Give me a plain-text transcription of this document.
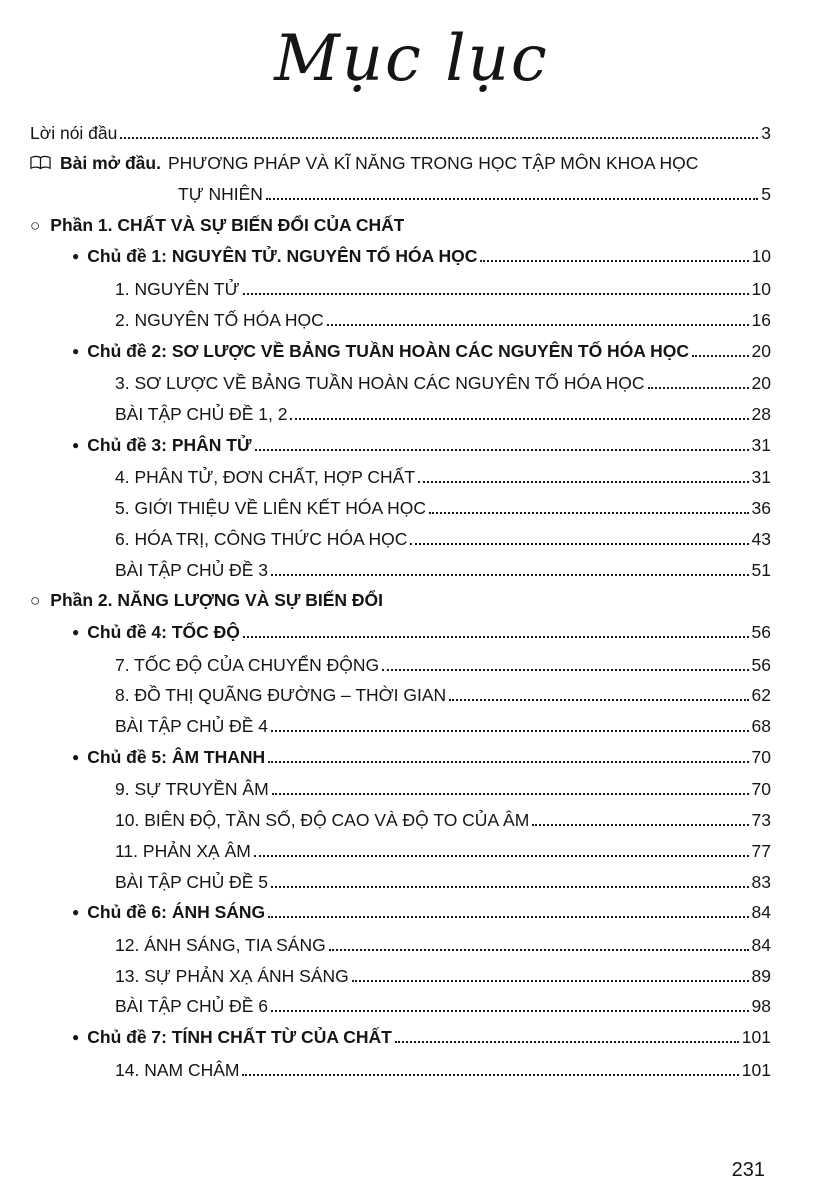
Mục lục
Lời nói đầu	3
Bài mở đầu. PHƯƠNG PHÁP VÀ KĨ NĂNG TRONG HỌC TẬP MÔN KHOA HỌC
TỰ NHIÊN	5
○ Phần 1. CHẤT VÀ SỰ BIẾN ĐỔI CỦA CHẤT
● Chủ đề 1: NGUYÊN TỬ. NGUYÊN TỐ HÓA HỌC	10
1. NGUYÊN TỬ	10
2. NGUYÊN TỐ HÓA HỌC	16
● Chủ đề 2: SƠ LƯỢC VỀ BẢNG TUẦN HOÀN CÁC NGUYÊN TỐ HÓA HỌC	20
3. SƠ LƯỢC VỀ BẢNG TUẦN HOÀN CÁC NGUYÊN TỐ HÓA HỌC	20
BÀI TẬP CHỦ ĐỀ 1, 2	28
● Chủ đề 3: PHÂN TỬ	31
4. PHÂN TỬ, ĐƠN CHẤT, HỢP CHẤT	31
5. GIỚI THIỆU VỀ LIÊN KẾT HÓA HỌC	36
6. HÓA TRỊ, CÔNG THỨC HÓA HỌC	43
BÀI TẬP CHỦ ĐỀ 3	51
○ Phần 2. NĂNG LƯỢNG VÀ SỰ BIẾN ĐỔI
● Chủ đề 4: TỐC ĐỘ	56
7. TỐC ĐỘ CỦA CHUYỂN ĐỘNG	56
8. ĐỒ THỊ QUÃNG ĐƯỜNG – THỜI GIAN	62
BÀI TẬP CHỦ ĐỀ 4	68
● Chủ đề 5: ÂM THANH	70
9. SỰ TRUYỀN ÂM	70
10. BIÊN ĐỘ, TẦN SỐ, ĐỘ CAO VÀ ĐỘ TO CỦA ÂM	73
11. PHẢN XẠ ÂM	77
BÀI TẬP CHỦ ĐỀ 5	83
● Chủ đề 6: ÁNH SÁNG	84
12. ÁNH SÁNG, TIA SÁNG	84
13. SỰ PHẢN XẠ ÁNH SÁNG	89
BÀI TẬP CHỦ ĐỀ 6	98
● Chủ đề 7: TÍNH CHẤT TỪ CỦA CHẤT	101
14. NAM CHÂM	101
231
